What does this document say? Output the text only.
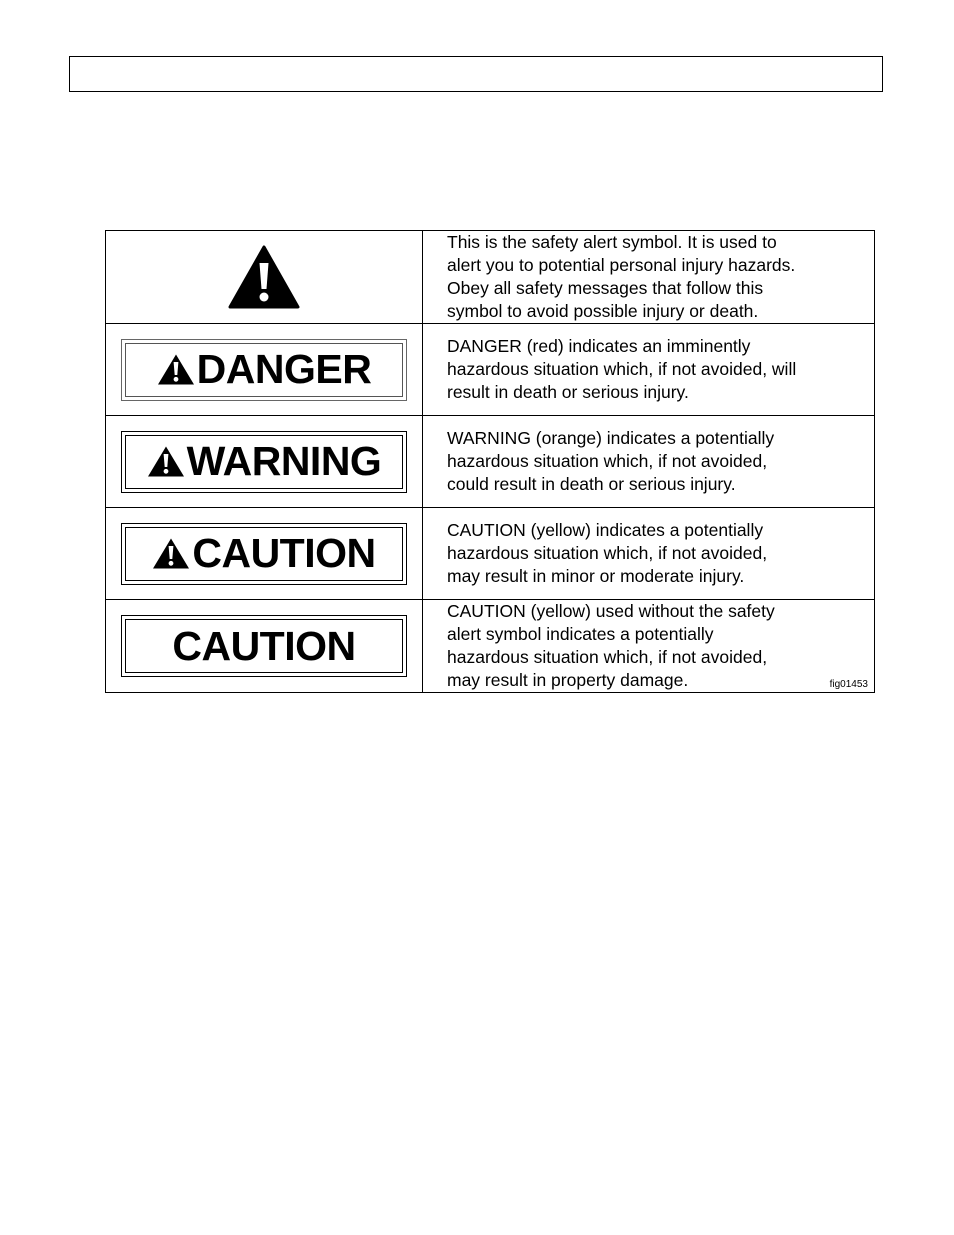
This is the safety alert symbol. It is used to
alert you to potential personal injury hazards.
Obey all safety messages that follow this
symbol to avoid possible injury or death.

DANGER	DANGER (red) indicates an imminently
hazardous situation which, if not avoided, will
result in death or serious injury.

WARNING	WARNING (orange) indicates a potentially
hazardous situation which, if not avoided,
could result in death or serious injury.

CAUTION	CAUTION (yellow) indicates a potentially
hazardous situation which, if not avoided,
may result in minor or moderate injury.

CAUTION	CAUTION (yellow) used without the safety
alert symbol indicates a potentially
hazardous situation which, if not avoided,
may result in property damage. fig01453
